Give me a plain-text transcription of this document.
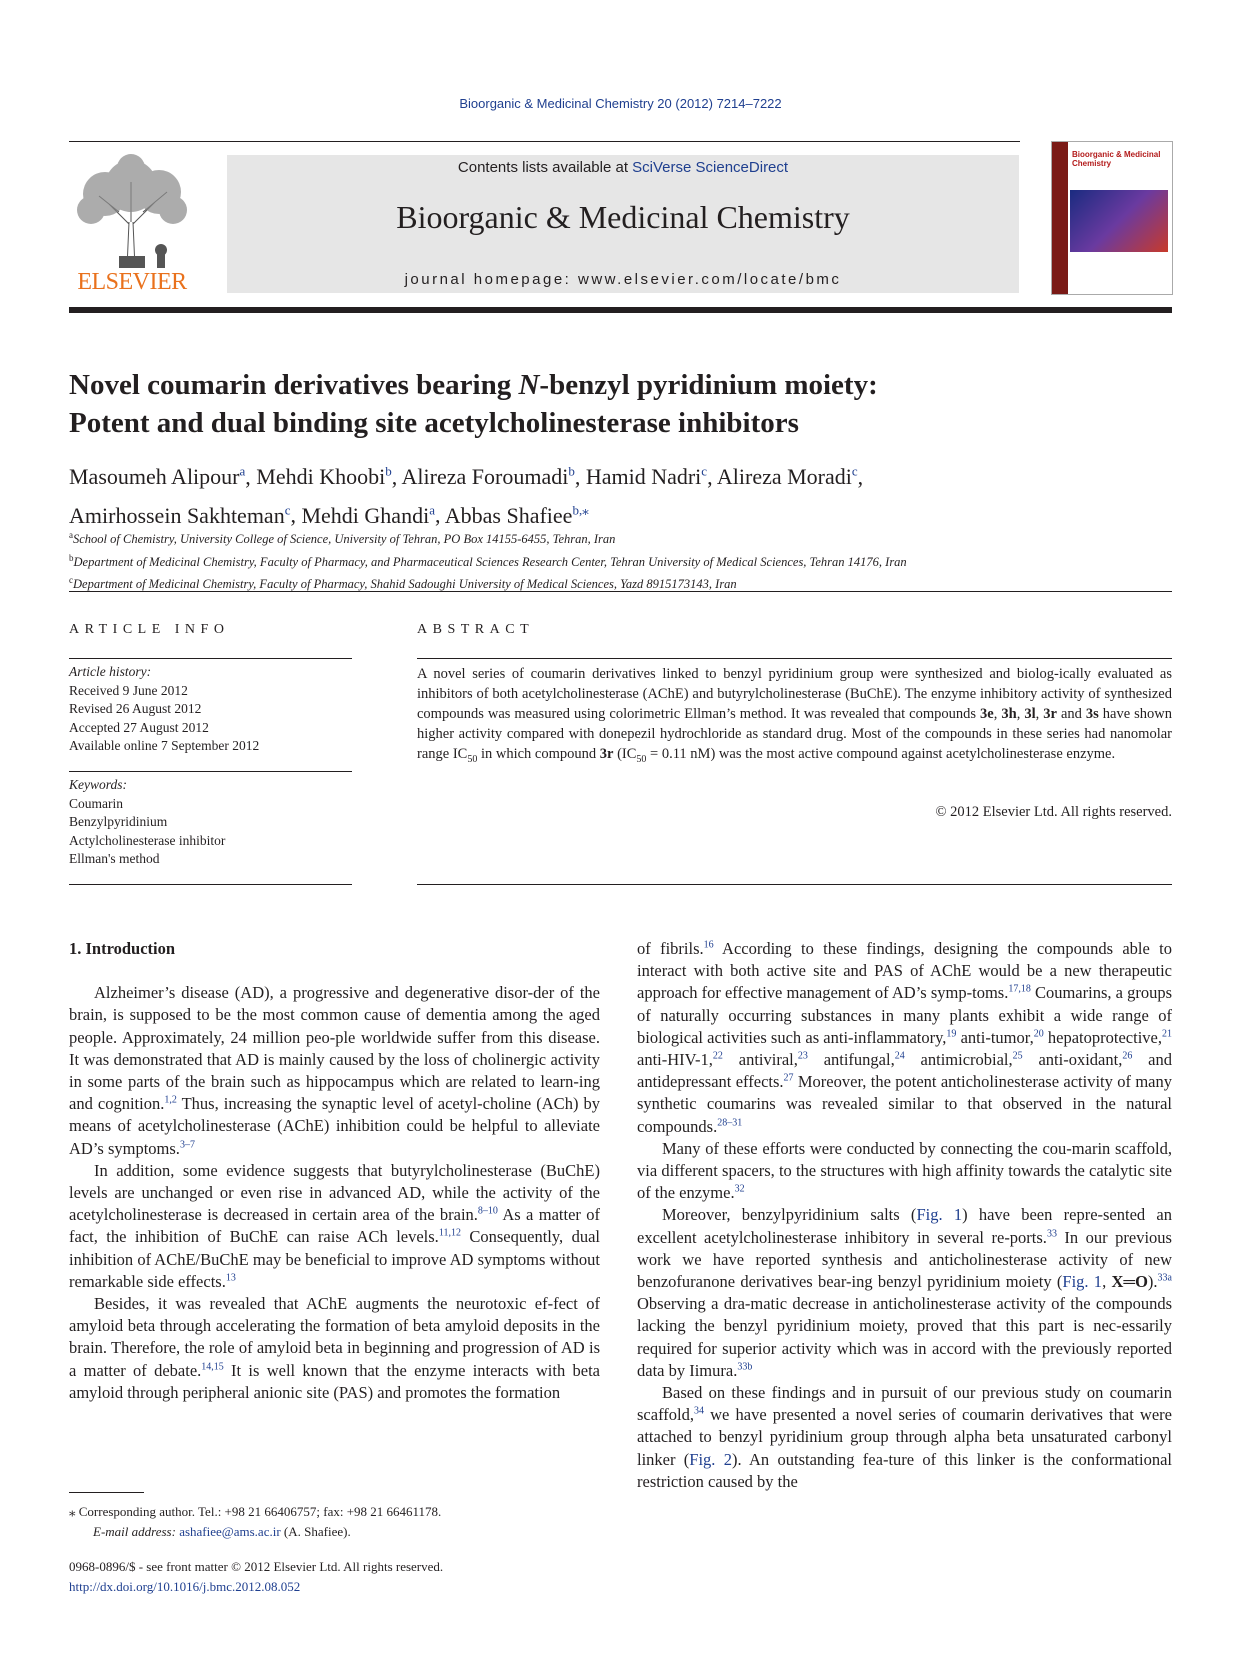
Bioorganic & Medicinal Chemistry 20 (2012) 7214–7222
ELSEVIER
Contents lists available at SciVerse ScienceDirect
Bioorganic & Medicinal Chemistry
journal homepage: www.elsevier.com/locate/bmc
Bioorganic & Medicinal Chemistry
Novel coumarin derivatives bearing N-benzyl pyridinium moiety:
Potent and dual binding site acetylcholinesterase inhibitors
Masoumeh Alipour$^a$, Mehdi Khoobi$^b$, Alireza Foroumadi$^b$, Hamid Nadri$^c$, Alireza Moradi$^c$,
Amirhossein Sakhteman$^c$, Mehdi Ghandi$^a$, Abbas Shafiee$^{b,⁎}$
$^a$School of Chemistry, University College of Science, University of Tehran, PO Box 14155-6455, Tehran, Iran
$^b$Department of Medicinal Chemistry, Faculty of Pharmacy, and Pharmaceutical Sciences Research Center, Tehran University of Medical Sciences, Tehran 14176, Iran
$^c$Department of Medicinal Chemistry, Faculty of Pharmacy, Shahid Sadoughi University of Medical Sciences, Yazd 8915173143, Iran
ARTICLE INFO	ABSTRACT
Article history:
Received 9 June 2012
Revised 26 August 2012
Accepted 27 August 2012
Available online 7 September 2012
Keywords:
Coumarin
Benzylpyridinium
Actylcholinesterase inhibitor
Ellman's method
A novel series of coumarin derivatives linked to benzyl pyridinium group were synthesized and biolog-ically evaluated as inhibitors of both acetylcholinesterase (AChE) and butyrylcholinesterase (BuChE). The enzyme inhibitory activity of synthesized compounds was measured using colorimetric Ellman’s method. It was revealed that compounds 3e, 3h, 3l, 3r and 3s have shown higher activity compared with donepezil hydrochloride as standard drug. Most of the compounds in these series had nanomolar range $IC_{50}$ in which compound 3r ($IC_{50} = 0.11$ nM) was the most active compound against acetylcholinesterase enzyme.
© 2012 Elsevier Ltd. All rights reserved.
1. Introduction

Alzheimer’s disease (AD), a progressive and degenerative disor-der of the brain, is supposed to be the most common cause of dementia among the aged people. Approximately, 24 million peo-ple worldwide suffer from this disease. It was demonstrated that AD is mainly caused by the loss of cholinergic activity in some parts of the brain such as hippocampus which are related to learn-ing and cognition.$^{1,2}$ Thus, increasing the synaptic level of acetyl-choline (ACh) by means of acetylcholinesterase (AChE) inhibition could be helpful to alleviate AD’s symptoms.$^{3-7}$

In addition, some evidence suggests that butyrylcholinesterase (BuChE) levels are unchanged or even rise in advanced AD, while the activity of the acetylcholinesterase is decreased in certain area of the brain.$^{8-10}$ As a matter of fact, the inhibition of BuChE can raise ACh levels.$^{11,12}$ Consequently, dual inhibition of AChE/BuChE may be beneficial to improve AD symptoms without remarkable side effects.$^{13}$

Besides, it was revealed that AChE augments the neurotoxic ef-fect of amyloid beta through accelerating the formation of beta amyloid deposits in the brain. Therefore, the role of amyloid beta in beginning and progression of AD is a matter of debate.$^{14,15}$ It is well known that the enzyme interacts with beta amyloid through peripheral anionic site (PAS) and promotes the formation

of fibrils.$^{16}$ According to these findings, designing the compounds able to interact with both active site and PAS of AChE would be a new therapeutic approach for effective management of AD’s symp-toms.$^{17,18}$ Coumarins, a groups of naturally occurring substances in many plants exhibit a wide range of biological activities such as anti-inflammatory,$^{19}$ anti-tumor,$^{20}$ hepatoprotective,$^{21}$ anti-HIV-1,22 antiviral,$^{23}$ antifungal,$^{24}$ antimicrobial,$^{25}$ anti-oxidant,$^{26}$ and antidepressant effects.$^{27}$ Moreover, the potent anticholinesterase activity of many synthetic coumarins was revealed similar to that observed in the natural compounds.$^{28-31}$

Many of these efforts were conducted by connecting the cou-marin scaffold, via different spacers, to the structures with high affinity towards the catalytic site of the enzyme.$^{32}$

Moreover, benzylpyridinium salts (Fig. 1) have been repre-sented an excellent acetylcholinesterase inhibitory in several re-ports.$^{33}$ In our previous work we have reported synthesis and anticholinesterase activity of new benzofuranone derivatives bear-ing benzyl pyridinium moiety (Fig. 1, X═O).$^{33a}$ Observing a dra-matic decrease in anticholinesterase activity of the compounds lacking the benzyl pyridinium moiety, proved that this part is nec-essarily required for superior activity which was in accord with the previously reported data by Iimura.$^{33b}$

Based on these findings and in pursuit of our previous study on coumarin scaffold,$^{34}$ we have presented a novel series of coumarin derivatives that were attached to benzyl pyridinium group through alpha beta unsaturated carbonyl linker (Fig. 2). An outstanding fea-ture of this linker is the conformational restriction caused by the

⁎ Corresponding author. Tel.: +98 21 66406757; fax: +98 21 66461178.
E-mail address: ashafiee@ams.ac.ir (A. Shafiee).
0968-0896/$ - see front matter © 2012 Elsevier Ltd. All rights reserved.
http://dx.doi.org/10.1016/j.bmc.2012.08.052
